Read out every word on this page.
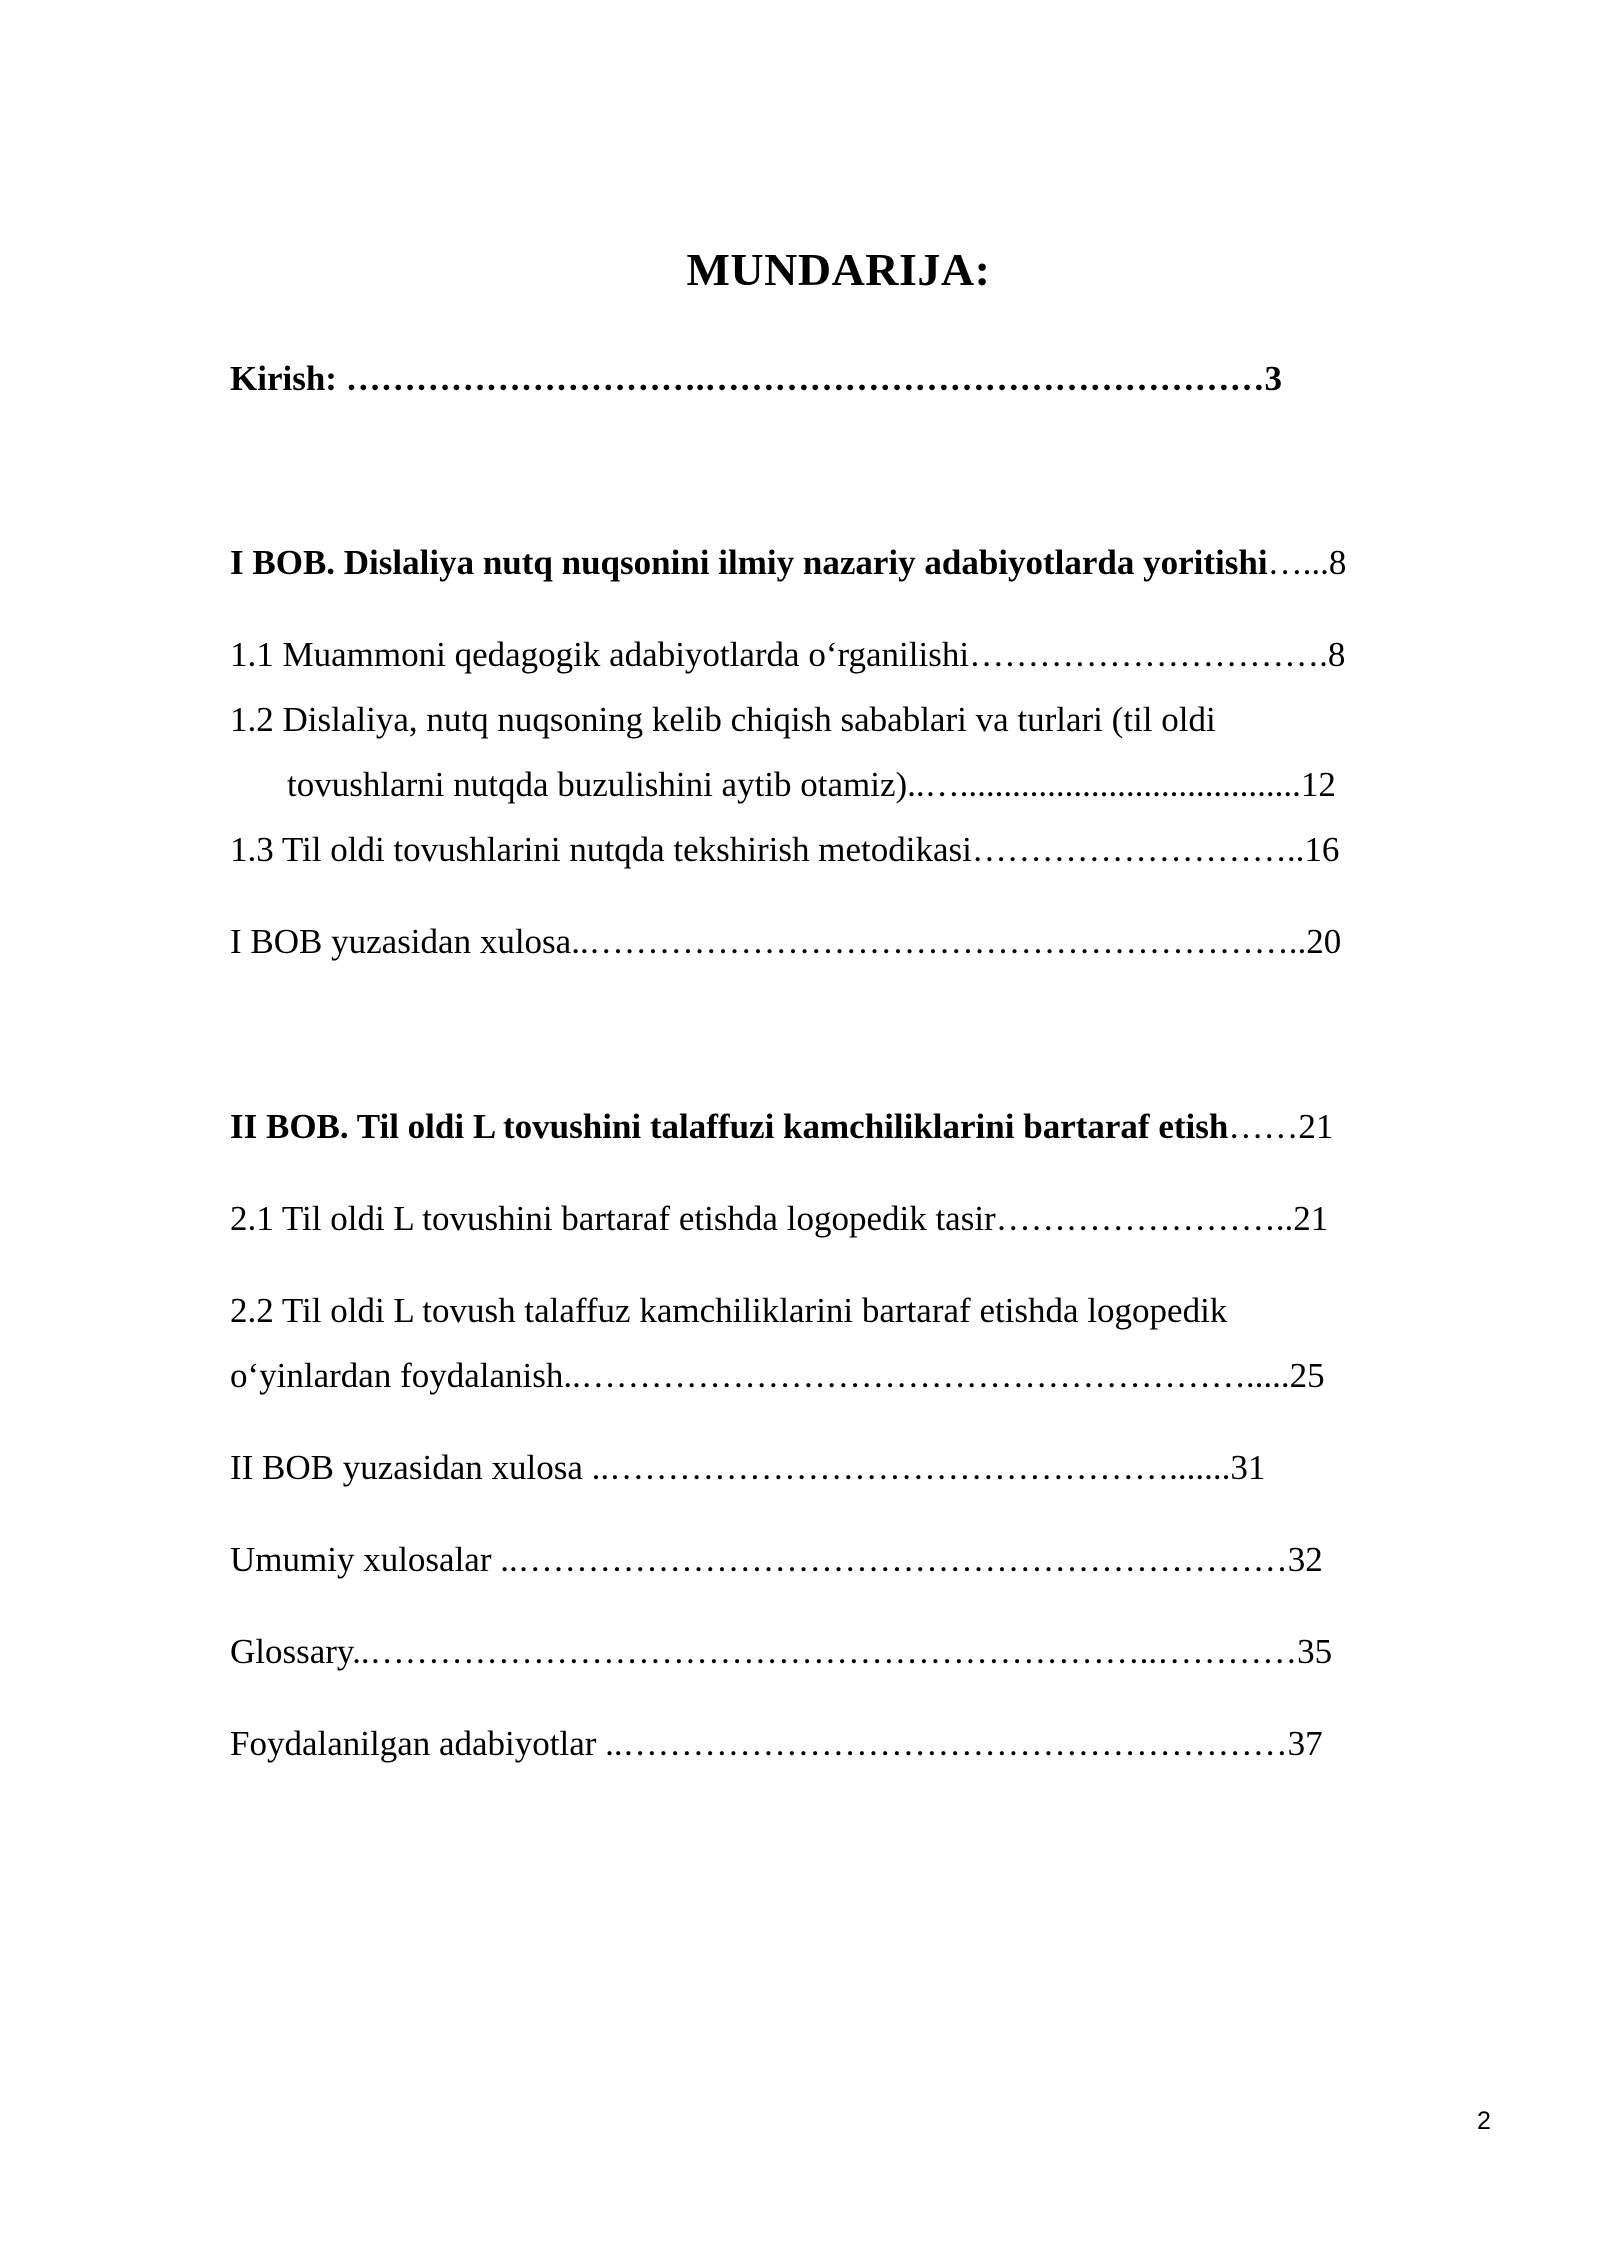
MUNDARIJA:
Kirish: ………………………….…………………………………………3
I BOB. Dislaliya nutq nuqsonini ilmiy nazariy adabiyotlarda yoritishi…...8
1.1 Muammoni qedagogik adabiyotlarda o‘rganilishi………………………….8
1.2 Dislaliya, nutq nuqsoning kelib chiqish sabablari va turlari (til oldi
tovushlarni nutqda buzulishini aytib otamiz)..….......................................12
1.3 Til oldi tovushlarini nutqda tekshirish metodikasi………………………..16
I BOB yuzasidan xulosa..……………………………………………………..20
II BOB. Til oldi L tovushini talaffuzi kamchiliklarini bartaraf etish……21
2.1 Til oldi L tovushini bartaraf etishda logopedik tasir……………………..21
2.2 Til oldi L tovush talaffuz kamchiliklarini bartaraf etishda logopedik
o‘yinlardan foydalanish..………………………………………………….....25
II BOB yuzasidan xulosa ..………………………………………….......31
Umumiy xulosalar ..…………………………………………………………32
Glossary..…………………………………………………………..…………35
Foydalanilgan adabiyotlar ..…………………………………………………37
2
